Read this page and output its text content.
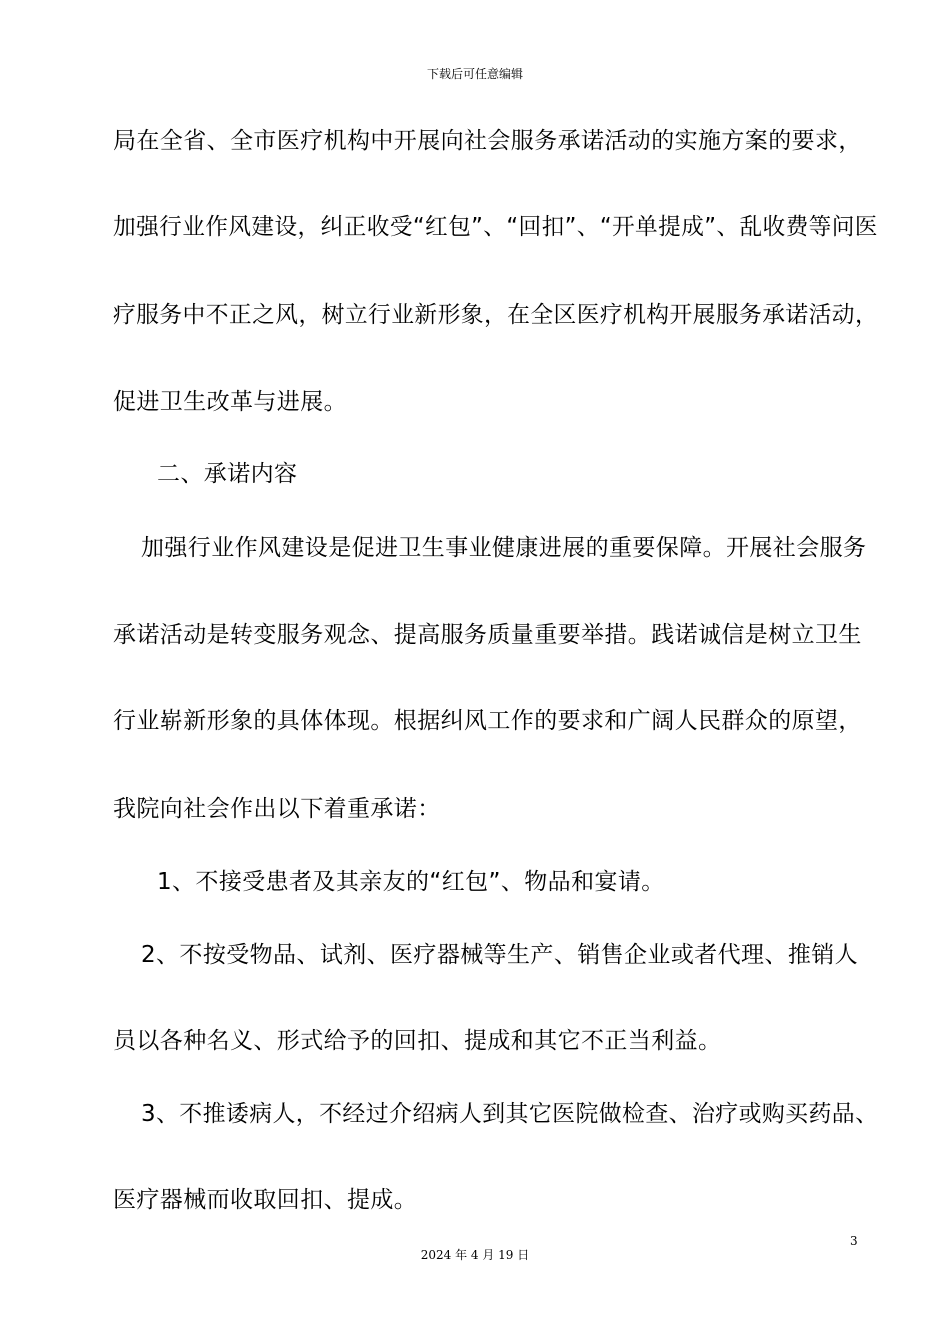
下载后可任意编辑
局在全省、全市医疗机构中开展向社会服务承诺活动的实施方案的要求，
加强行业作风建设，纠正收受“红包”、“回扣”、“开单提成”、乱收费等问医
疗服务中不正之风，树立行业新形象，在全区医疗机构开展服务承诺活动，
促进卫生改革与进展。
二、承诺内容
加强行业作风建设是促进卫生事业健康进展的重要保障。开展社会服务
承诺活动是转变服务观念、提高服务质量重要举措。践诺诚信是树立卫生
行业崭新形象的具体体现。根据纠风工作的要求和广阔人民群众的原望，
我院向社会作出以下着重承诺：
1、不接受患者及其亲友的“红包”、物品和宴请。
2、不按受物品、试剂、医疗器械等生产、销售企业或者代理、推销人
员以各种名义、形式给予的回扣、提成和其它不正当利益。
3、不推诿病人，不经过介绍病人到其它医院做检查、治疗或购买药品、
医疗器械而收取回扣、提成。
3
2024 年 4 月 19 日
